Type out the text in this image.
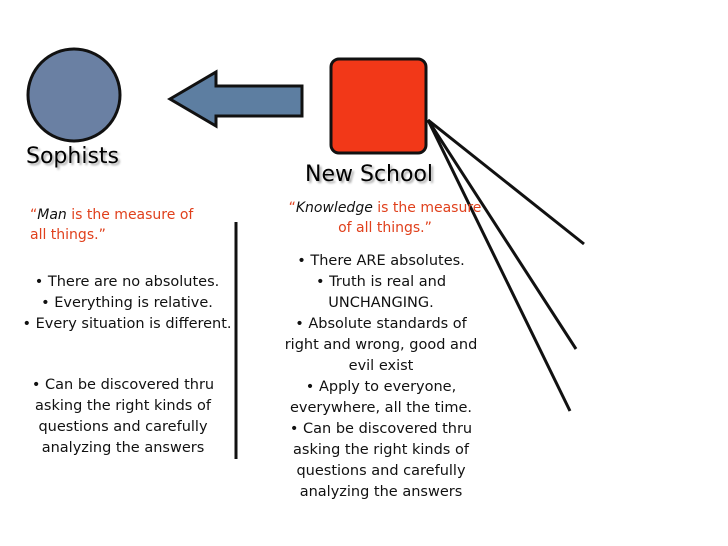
Sophists
“Man is the measure of all things.”
• There are no absolutes.
• Everything is relative.
• Every situation is different.
• Can be discovered thru asking the right kinds of questions and carefully analyzing the answers
New School
“Knowledge is the measure of all things.”
• There ARE absolutes.
• Truth is real and UNCHANGING.
• Absolute standards of right and wrong, good and evil exist
• Apply to everyone, everywhere, all the time.
• Can be discovered thru asking the right kinds of questions and carefully analyzing the answers
